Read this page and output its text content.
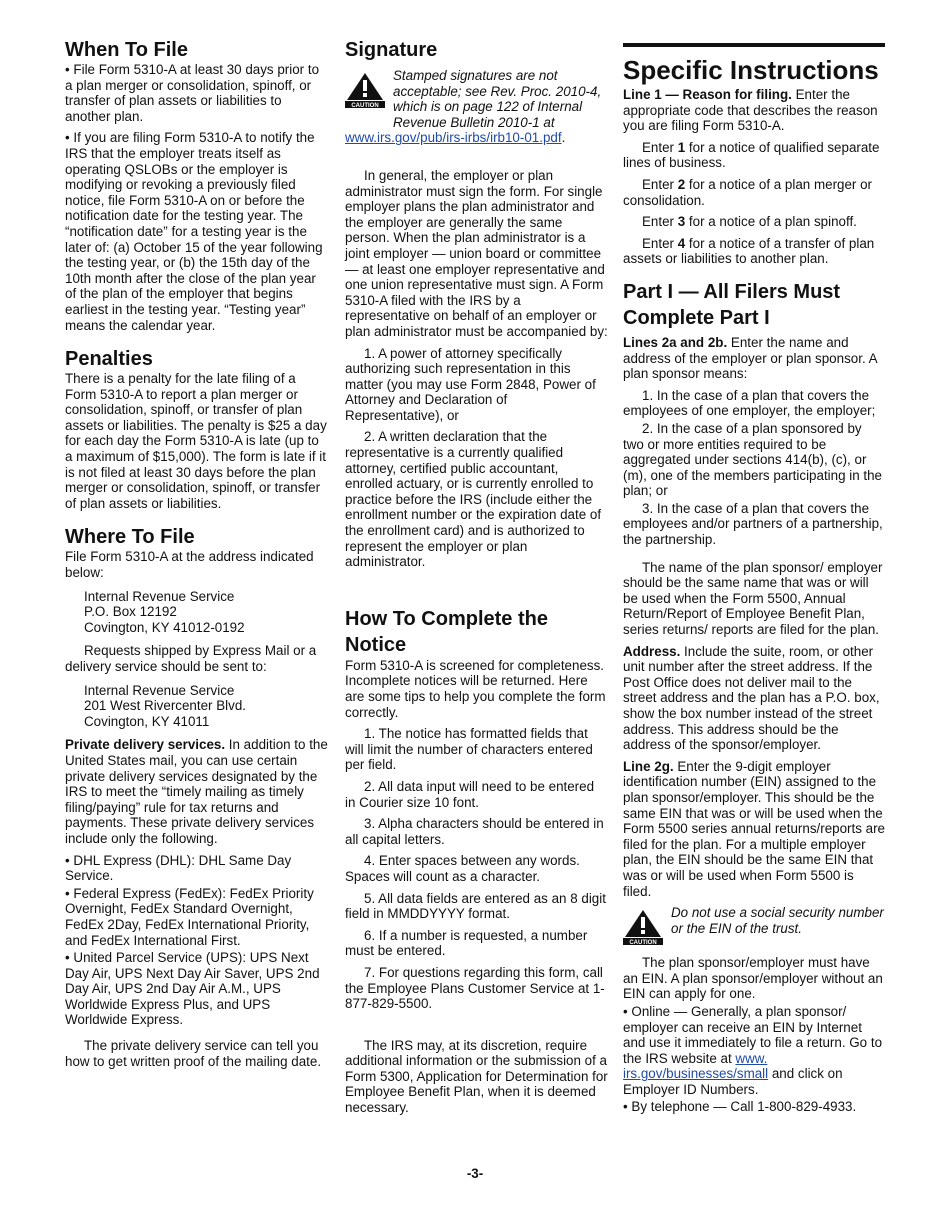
When To File

• File Form 5310-A at least 30 days prior to a plan merger or consolidation, spinoff, or transfer of plan assets or liabilities to another plan.

• If you are filing Form 5310-A to notify the IRS that the employer treats itself as operating QSLOBs or the employer is modifying or revoking a previously filed notice, file Form 5310-A on or before the notification date for the testing year. The “notification date” for a testing year is the later of: (a) October 15 of the year following the testing year, or (b) the 15th day of the 10th month after the close of the plan year of the plan of the employer that begins earliest in the testing year. “Testing year” means the calendar year.

Penalties

There is a penalty for the late filing of a Form 5310-A to report a plan merger or consolidation, spinoff, or transfer of plan assets or liabilities. The penalty is $25 a day for each day the Form 5310-A is late (up to a maximum of $15,000). The form is late if it is not filed at least 30 days before the plan merger or consolidation, spinoff, or transfer of plan assets or liabilities.

Where To File

File Form 5310-A at the address indicated below:

Internal Revenue Service
P.O. Box 12192
Covington, KY 41012-0192

Requests shipped by Express Mail or a delivery service should be sent to:

Internal Revenue Service
201 West Rivercenter Blvd.
Covington, KY 41011

Private delivery services. In addition to the United States mail, you can use certain private delivery services designated by the IRS to meet the “timely mailing as timely filing/paying” rule for tax returns and payments. These private delivery services include only the following.

• DHL Express (DHL): DHL Same Day Service.

• Federal Express (FedEx): FedEx Priority Overnight, FedEx Standard Overnight, FedEx 2Day, FedEx International Priority, and FedEx International First.

• United Parcel Service (UPS): UPS Next Day Air, UPS Next Day Air Saver, UPS 2nd Day Air, UPS 2nd Day Air A.M., UPS Worldwide Express Plus, and UPS Worldwide Express.

The private delivery service can tell you how to get written proof of the mailing date.

Signature
CAUTION
Stamped signatures are not acceptable; see Rev. Proc. 2010-4, which is on page 122 of Internal Revenue Bulletin 2010-1 at

www.irs.gov/pub/irs-irbs/irb10-01.pdf.

In general, the employer or plan administrator must sign the form. For single employer plans the plan administrator and the employer are generally the same person. When the plan administrator is a joint employer — union board or committee — at least one employer representative and one union representative must sign. A Form 5310-A filed with the IRS by a representative on behalf of an employer or plan administrator must be accompanied by:

1. A power of attorney specifically authorizing such representation in this matter (you may use Form 2848, Power of Attorney and Declaration of Representative), or

2. A written declaration that the representative is a currently qualified attorney, certified public accountant, enrolled actuary, or is currently enrolled to practice before the IRS (include either the enrollment number or the expiration date of the enrollment card) and is authorized to represent the employer or plan administrator.

How To Complete the Notice

Form 5310-A is screened for completeness. Incomplete notices will be returned. Here are some tips to help you complete the form correctly.

1. The notice has formatted fields that will limit the number of characters entered per field.

2. All data input will need to be entered in Courier size 10 font.

3. Alpha characters should be entered in all capital letters.

4. Enter spaces between any words. Spaces will count as a character.

5. All data fields are entered as an 8 digit field in MMDDYYYY format.

6. If a number is requested, a number must be entered.

7. For questions regarding this form, call the Employee Plans Customer Service at 1-877-829-5500.

The IRS may, at its discretion, require additional information or the submission of a Form 5300, Application for Determination for Employee Benefit Plan, when it is deemed necessary.

Specific Instructions

Line 1 — Reason for filing. Enter the appropriate code that describes the reason you are filing Form 5310-A.

Enter 1 for a notice of qualified separate lines of business.

Enter 2 for a notice of a plan merger or consolidation.

Enter 3 for a notice of a plan spinoff.

Enter 4 for a notice of a transfer of plan assets or liabilities to another plan.

Part I — All Filers Must Complete Part I

Lines 2a and 2b. Enter the name and address of the employer or plan sponsor. A plan sponsor means:

1. In the case of a plan that covers the employees of one employer, the employer;

2. In the case of a plan sponsored by two or more entities required to be aggregated under sections 414(b), (c), or (m), one of the members participating in the plan; or

3. In the case of a plan that covers the employees and/or partners of a partnership, the partnership.

The name of the plan sponsor/ employer should be the same name that was or will be used when the Form 5500, Annual Return/Report of Employee Benefit Plan, series returns/ reports are filed for the plan.

Address. Include the suite, room, or other unit number after the street address. If the Post Office does not deliver mail to the street address and the plan has a P.O. box, show the box number instead of the street address. This address should be the address of the sponsor/employer.

Line 2g. Enter the 9-digit employer identification number (EIN) assigned to the plan sponsor/employer. This should be the same EIN that was or will be used when the Form 5500 series annual returns/reports are filed for the plan. For a multiple employer plan, the EIN should be the same EIN that was or will be used when Form 5500 is filed.

CAUTION
Do not use a social security number or the EIN of the trust.

The plan sponsor/employer must have an EIN. A plan sponsor/employer without an EIN can apply for one.

• Online — Generally, a plan sponsor/ employer can receive an EIN by Internet and use it immediately to file a return. Go to the IRS website at www. irs.gov/businesses/small and click on Employer ID Numbers.

• By telephone — Call 1-800-829-4933.

-3-
